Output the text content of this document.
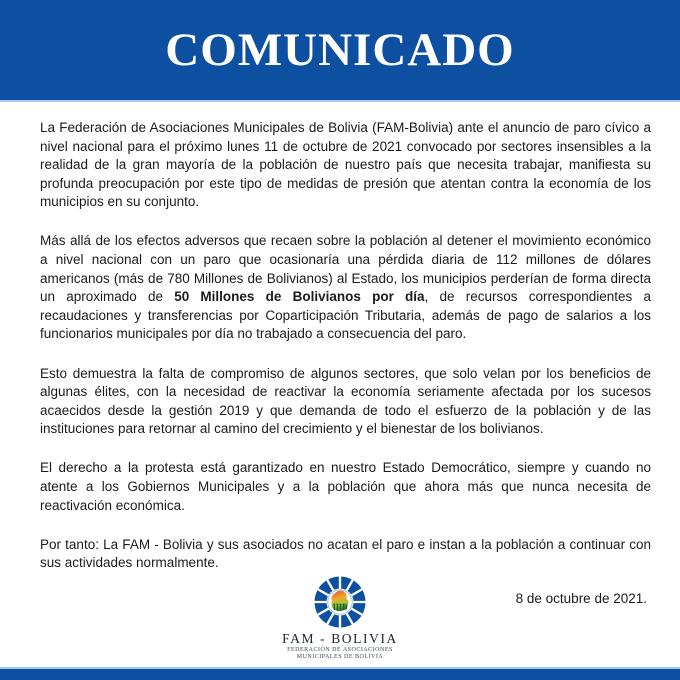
COMUNICADO

La Federación de Asociaciones Municipales de Bolivia (FAM-Bolivia) ante el anuncio de paro cívico a nivel nacional para el próximo lunes 11 de octubre de 2021 convocado por sectores insensibles a la realidad de la gran mayoría de la población de nuestro país que necesita trabajar, manifiesta su profunda preocupación por este tipo de medidas de presión que atentan contra la economía de los municipios en su conjunto.

Más allá de los efectos adversos que recaen sobre la población al detener el movimiento económico a nivel nacional con un paro que ocasionaría una pérdida diaria de 112 millones de dólares americanos (más de 780 Millones de Bolivianos) al Estado, los municipios perderían de forma directa un aproximado de 50 Millones de Bolivianos por día, de recursos correspondientes a recaudaciones y transferencias por Coparticipación Tributaria, además de pago de salarios a los funcionarios municipales por día no trabajado a consecuencia del paro.

Esto demuestra la falta de compromiso de algunos sectores, que solo velan por los beneficios de algunas élites, con la necesidad de reactivar la economía seriamente afectada por los sucesos acaecidos desde la gestión 2019 y que demanda de todo el esfuerzo de la población y de las instituciones para retornar al camino del crecimiento y el bienestar de los bolivianos.

El derecho a la protesta está garantizado en nuestro Estado Democrático, siempre y cuando no atente a los Gobiernos Municipales y a la población que ahora más que nunca necesita de reactivación económica.

Por tanto: La FAM - Bolivia y sus asociados no acatan el paro e instan a la población a continuar con sus actividades normalmente.

8 de octubre de 2021.
FAM - BOLIVIA
FEDERACIÓN DE ASOCIACIONES
MUNICIPALES DE BOLIVIA
